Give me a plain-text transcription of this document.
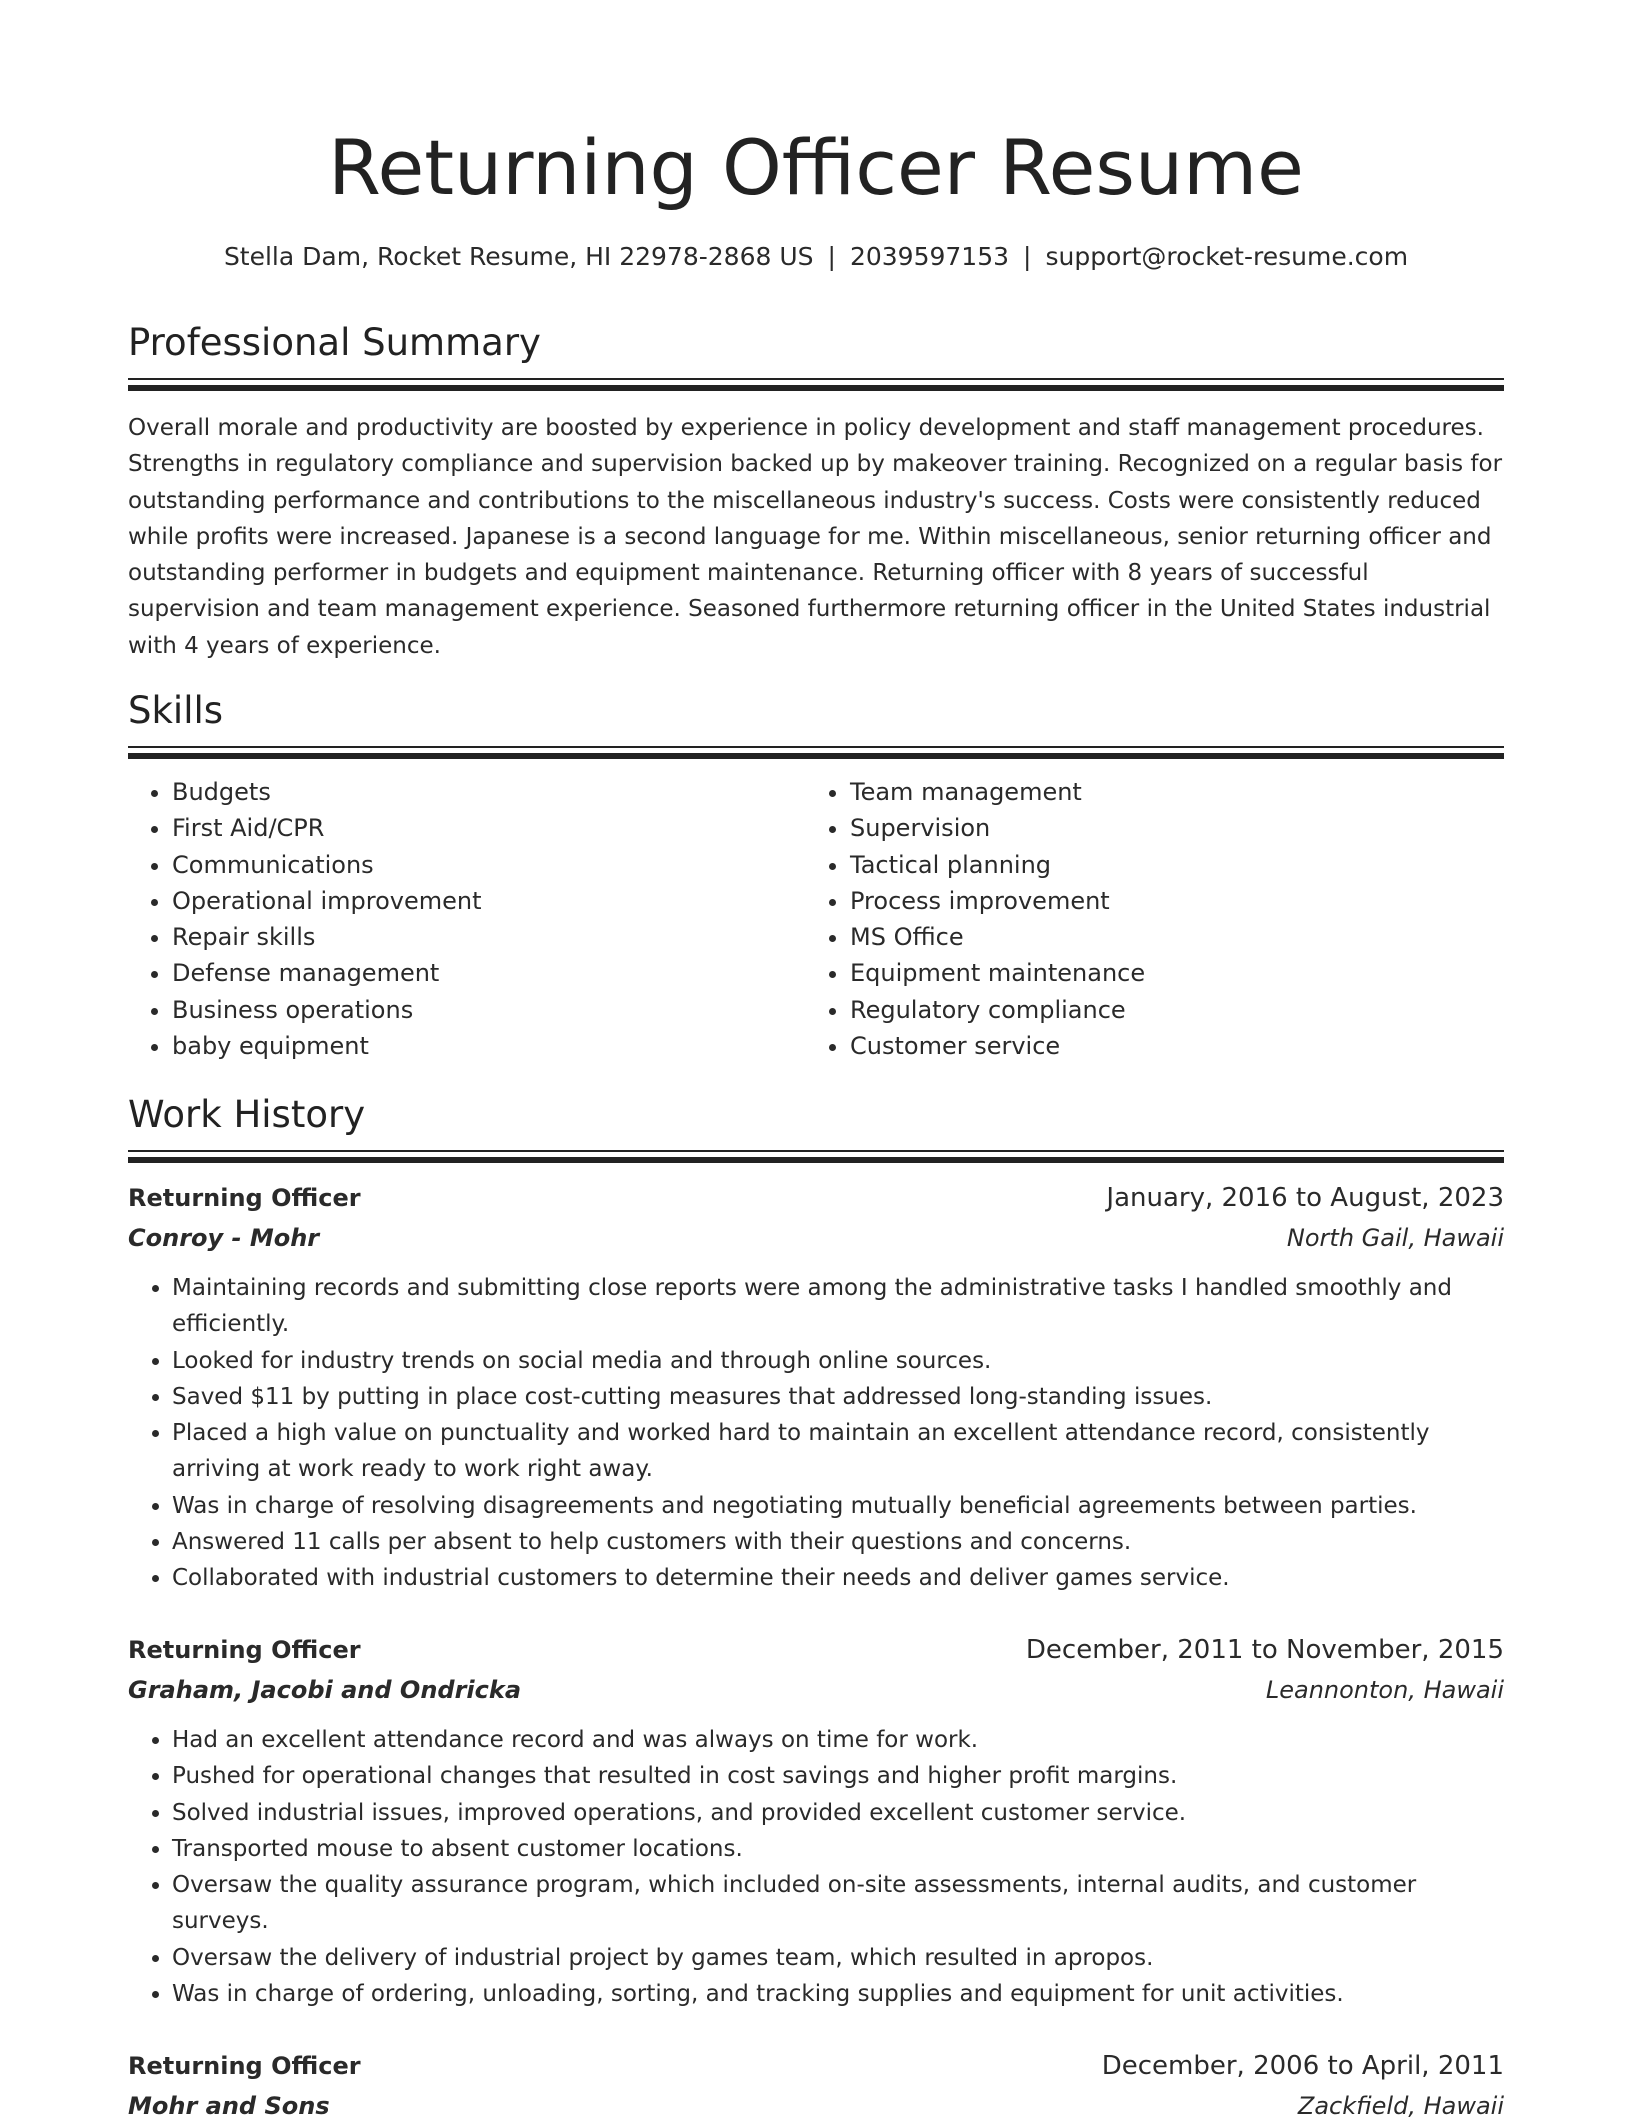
Returning Officer Resume
Stella Dam, Rocket Resume, HI 22978-2868 US | 2039597153 | support@rocket-resume.com
Professional Summary

Overall morale and productivity are boosted by experience in policy development and staff management procedures. Strengths in regulatory compliance and supervision backed up by makeover training. Recognized on a regular basis for outstanding performance and contributions to the miscellaneous industry's success. Costs were consistently reduced while profits were increased. Japanese is a second language for me. Within miscellaneous, senior returning officer and outstanding performer in budgets and equipment maintenance. Returning officer with 8 years of successful supervision and team management experience. Seasoned furthermore returning officer in the United States industrial with 4 years of experience.

Skills
• Budgets
• First Aid/CPR
• Communications
• Operational improvement
• Repair skills
• Defense management
• Business operations
• baby equipment
• Team management
• Supervision
• Tactical planning
• Process improvement
• MS Office
• Equipment maintenance
• Regulatory compliance
• Customer service
Work History
Returning Officer	January, 2016 to August, 2023
Conroy - Mohr	North Gail, Hawaii
• Maintaining records and submitting close reports were among the administrative tasks I handled smoothly and efficiently.
• Looked for industry trends on social media and through online sources.
• Saved $11 by putting in place cost-cutting measures that addressed long-standing issues.
• Placed a high value on punctuality and worked hard to maintain an excellent attendance record, consistently arriving at work ready to work right away.
• Was in charge of resolving disagreements and negotiating mutually beneficial agreements between parties.
• Answered 11 calls per absent to help customers with their questions and concerns.
• Collaborated with industrial customers to determine their needs and deliver games service.
Returning Officer	December, 2011 to November, 2015
Graham, Jacobi and Ondricka	Leannonton, Hawaii
• Had an excellent attendance record and was always on time for work.
• Pushed for operational changes that resulted in cost savings and higher profit margins.
• Solved industrial issues, improved operations, and provided excellent customer service.
• Transported mouse to absent customer locations.
• Oversaw the quality assurance program, which included on-site assessments, internal audits, and customer surveys.
• Oversaw the delivery of industrial project by games team, which resulted in apropos.
• Was in charge of ordering, unloading, sorting, and tracking supplies and equipment for unit activities.
Returning Officer	December, 2006 to April, 2011
Mohr and Sons	Zackfield, Hawaii
